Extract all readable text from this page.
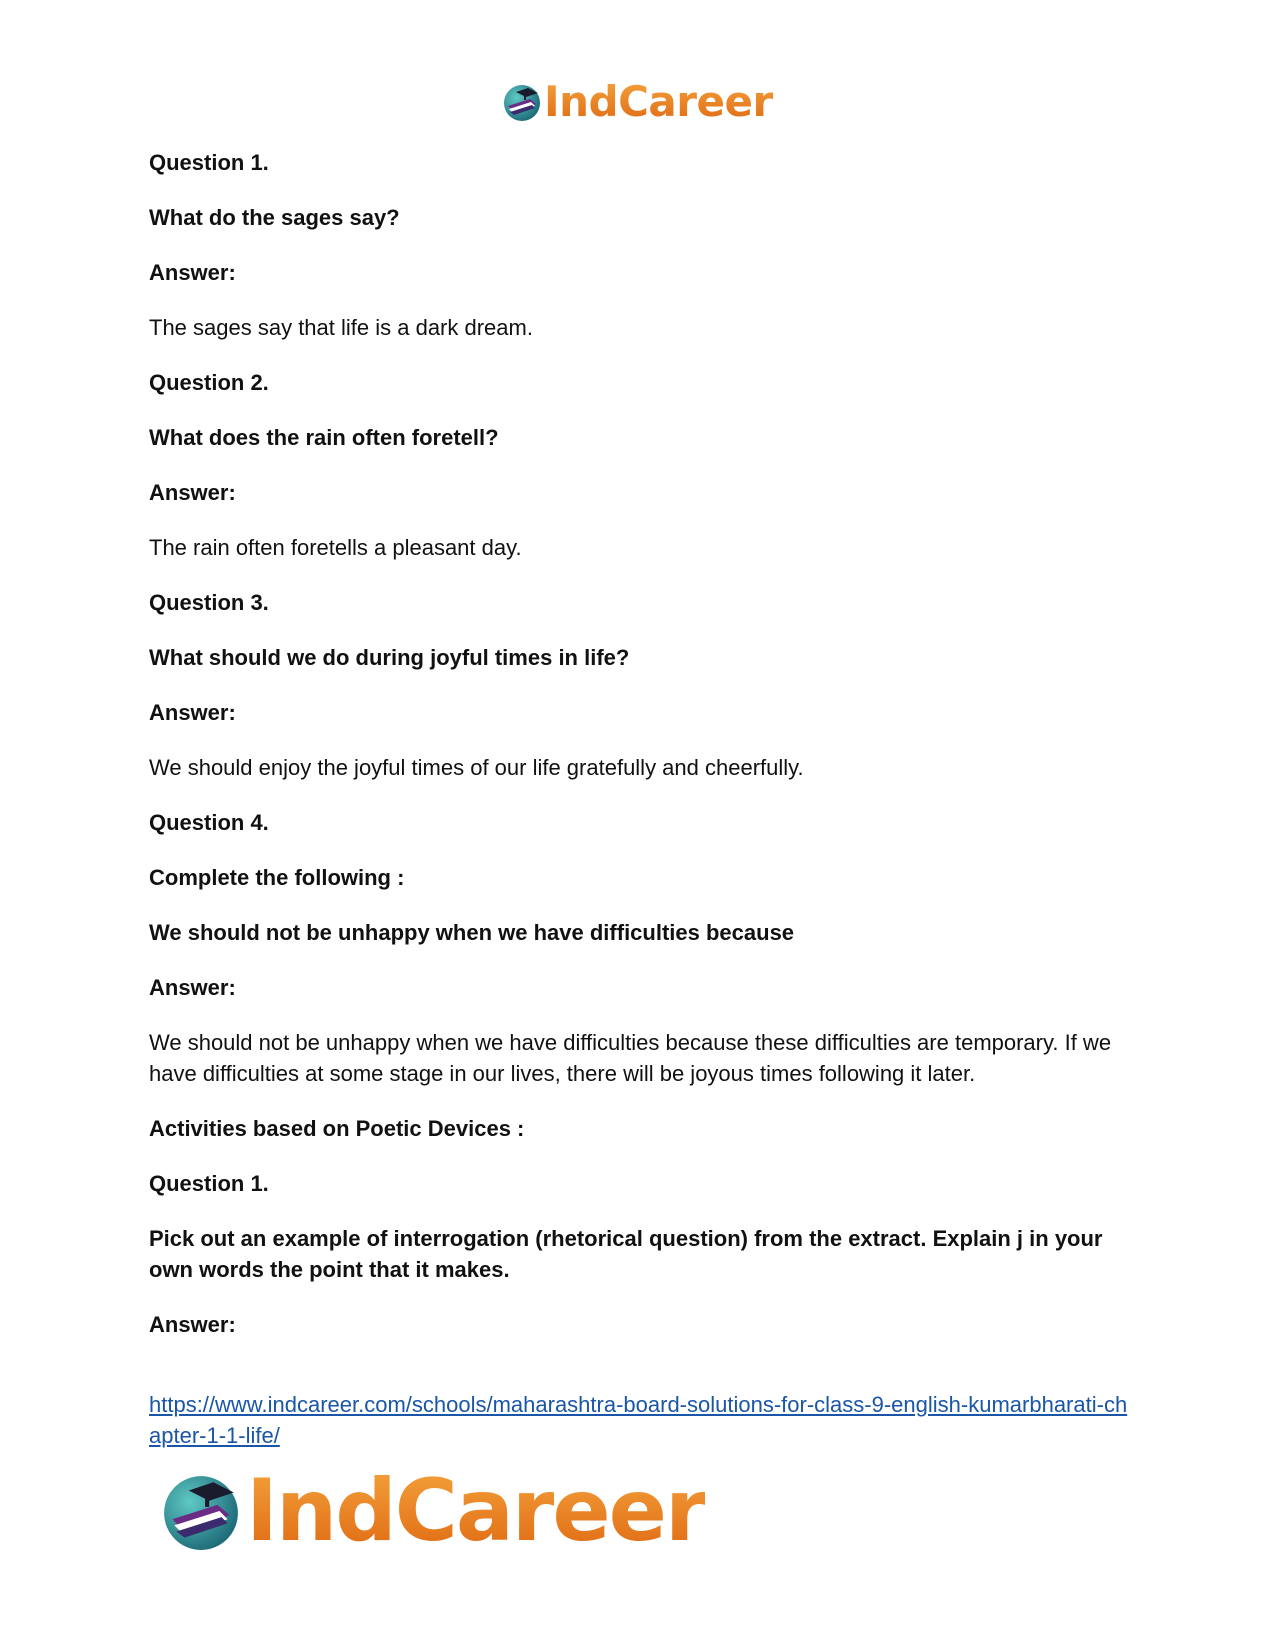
IndCareer

Question 1.

What do the sages say?

Answer:

The sages say that life is a dark dream.

Question 2.

What does the rain often foretell?

Answer:

The rain often foretells a pleasant day.

Question 3.

What should we do during joyful times in life?

Answer:

We should enjoy the joyful times of our life gratefully and cheerfully.

Question 4.

Complete the following :

We should not be unhappy when we have difficulties because

Answer:

We should not be unhappy when we have difficulties because these difficulties are temporary. If we have difficulties at some stage in our lives, there will be joyous times following it later.

Activities based on Poetic Devices :

Question 1.

Pick out an example of interrogation (rhetorical question) from the extract. Explain j in your own words the point that it makes.

Answer:

https://www.indcareer.com/schools/maharashtra-board-solutions-for-class-9-english-kumarbharati-chapter-1-1-life/
IndCareer
